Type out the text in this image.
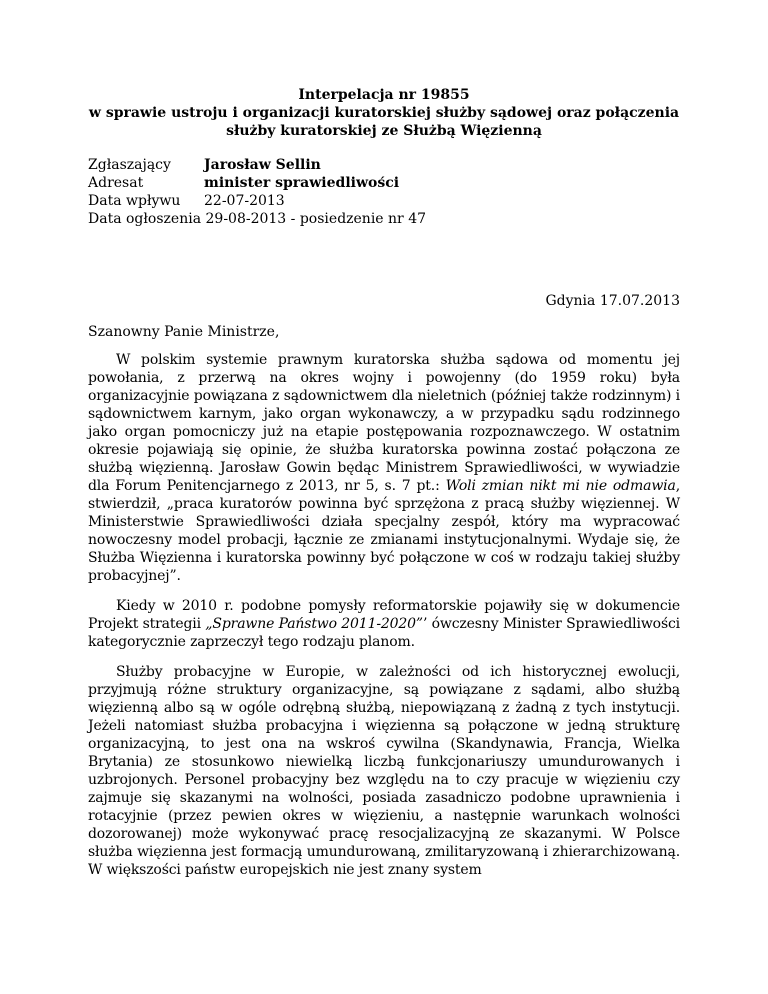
Interpelacja nr 19855
w sprawie ustroju i organizacji kuratorskiej służby sądowej oraz połączenia
służby kuratorskiej ze Służbą Więzienną
Zgłaszający Jarosław Sellin
Adresat	minister sprawiedliwości
Data wpływu 22-07-2013
Data ogłoszenia 29-08-2013 - posiedzenie nr 47
Gdynia 17.07.2013
Szanowny Panie Ministrze,

W polskim systemie prawnym kuratorska służba sądowa od momentu jej powołania, z przerwą na okres wojny i powojenny (do 1959 roku) była organizacyjnie powiązana z sądownictwem dla nieletnich (później także rodzinnym) i sądownictwem karnym, jako organ wykonawczy, a w przypadku sądu rodzinnego jako organ pomocniczy już na etapie postępowania rozpoznawczego. W ostatnim okresie pojawiają się opinie, że służba kuratorska powinna zostać połączona ze służbą więzienną. Jarosław Gowin będąc Ministrem Sprawiedliwości, w wywiadzie dla Forum Penitencjarnego z 2013, nr 5, s. 7 pt.: Woli zmian nikt mi nie odmawia, stwierdził, „praca kuratorów powinna być sprzężona z pracą służby więziennej. W Ministerstwie Sprawiedliwości działa specjalny zespół, który ma wypracować nowoczesny model probacji, łącznie ze zmianami instytucjonalnymi. Wydaje się, że Służba Więzienna i kuratorska powinny być połączone w coś w rodzaju takiej służby probacyjnej”.

Kiedy w 2010 r. podobne pomysły reformatorskie pojawiły się w dokumencie Projekt strategii „Sprawne Państwo 2011-2020”’ ówczesny Minister Sprawiedliwości kategorycznie zaprzeczył tego rodzaju planom.

Służby probacyjne w Europie, w zależności od ich historycznej ewolucji, przyjmują różne struktury organizacyjne, są powiązane z sądami, albo służbą więzienną albo są w ogóle odrębną służbą, niepowiązaną z żadną z tych instytucji. Jeżeli natomiast służba probacyjna i więzienna są połączone w jedną strukturę organizacyjną, to jest ona na wskroś cywilna (Skandynawia, Francja, Wielka Brytania) ze stosunkowo niewielką liczbą funkcjonariuszy umundurowanych i uzbrojonych. Personel probacyjny bez względu na to czy pracuje w więzieniu czy zajmuje się skazanymi na wolności, posiada zasadniczo podobne uprawnienia i rotacyjnie (przez pewien okres w więzieniu, a następnie warunkach wolności dozorowanej) może wykonywać pracę resocjalizacyjną ze skazanymi. W Polsce służba więzienna jest formacją umundurowaną, zmilitaryzowaną i zhierarchizowaną. W większości państw europejskich nie jest znany system
